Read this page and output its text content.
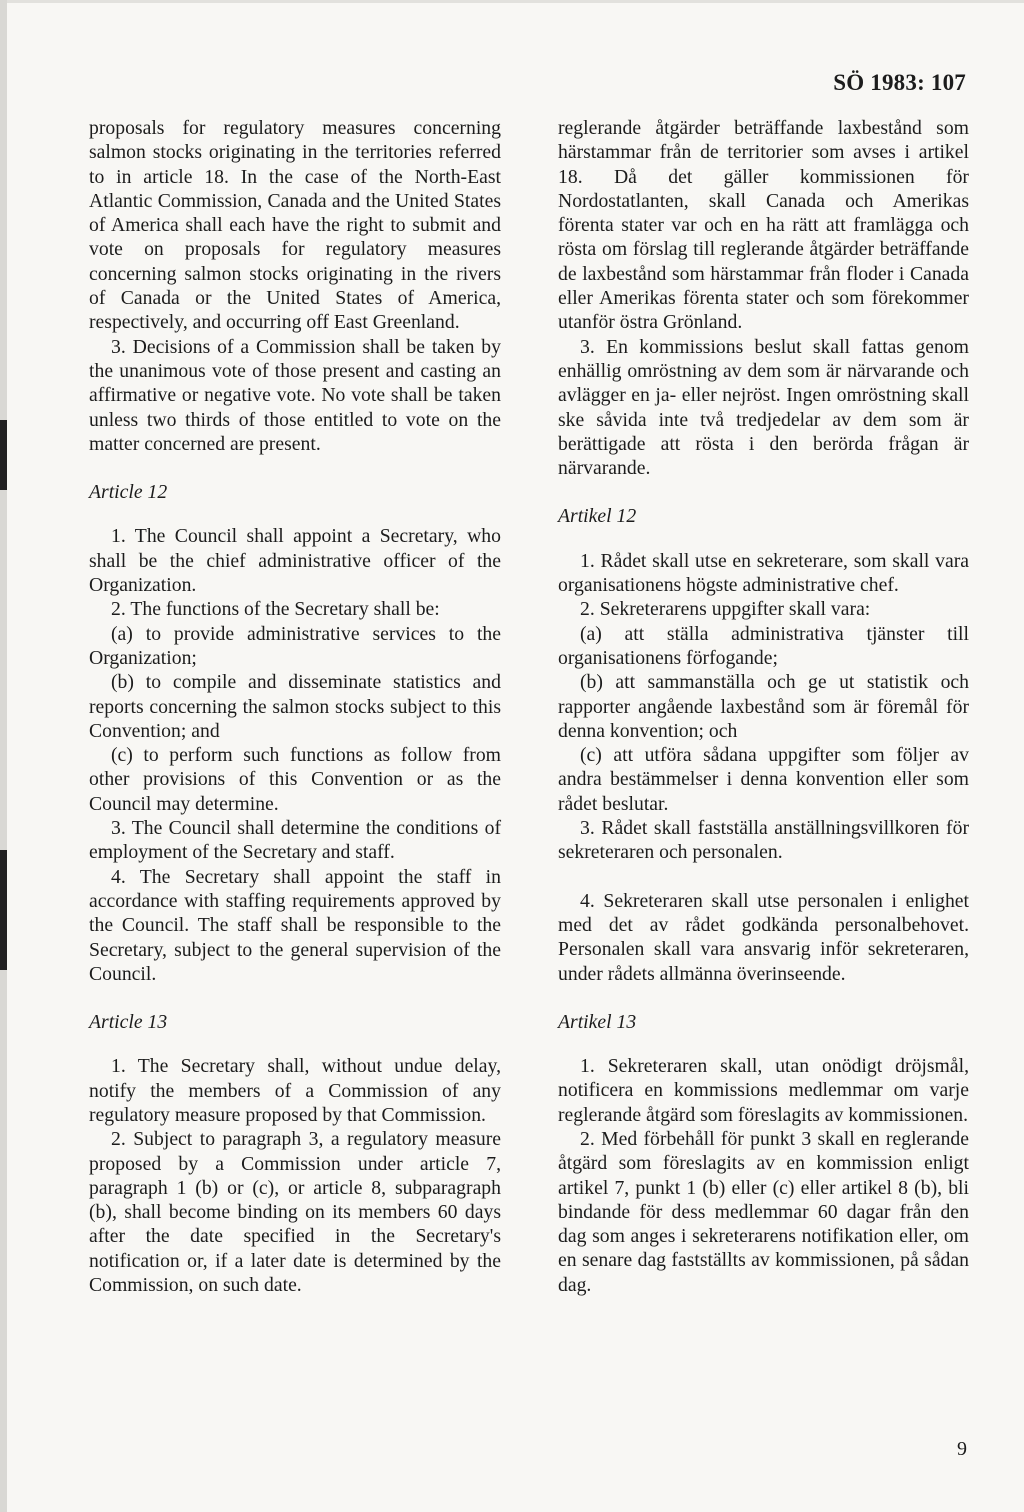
SÖ 1983: 107

proposals for regulatory measures concerning salmon stocks originating in the territories referred to in article 18. In the case of the North-East Atlantic Commission, Canada and the United States of America shall each have the right to submit and vote on proposals for regulatory measures concerning salmon stocks originating in the rivers of Canada or the United States of America, respectively, and occurring off East Greenland.

3. Decisions of a Commission shall be taken by the unanimous vote of those present and casting an affirmative or negative vote. No vote shall be taken unless two thirds of those entitled to vote on the matter concerned are present.

Article 12

1. The Council shall appoint a Secretary, who shall be the chief administrative officer of the Organization.

2. The functions of the Secretary shall be:

(a) to provide administrative services to the Organization;

(b) to compile and disseminate statistics and reports concerning the salmon stocks subject to this Convention; and

(c) to perform such functions as follow from other provisions of this Convention or as the Council may determine.

3. The Council shall determine the conditions of employment of the Secretary and staff.

4. The Secretary shall appoint the staff in accordance with staffing requirements approved by the Council. The staff shall be responsible to the Secretary, subject to the general supervision of the Council.

Article 13

1. The Secretary shall, without undue delay, notify the members of a Commission of any regulatory measure proposed by that Commission.

2. Subject to paragraph 3, a regulatory measure proposed by a Commission under article 7, paragraph 1 (b) or (c), or article 8, subparagraph (b), shall become binding on its members 60 days after the date specified in the Secretary's notification or, if a later date is determined by the Commission, on such date.

reglerande åtgärder beträffande laxbestånd som härstammar från de territorier som avses i artikel 18. Då det gäller kommissionen för Nordostatlanten, skall Canada och Amerikas förenta stater var och en ha rätt att framlägga och rösta om förslag till reglerande åtgärder beträffande de laxbestånd som härstammar från floder i Canada eller Amerikas förenta stater och som förekommer utanför östra Grönland.

3. En kommissions beslut skall fattas genom enhällig omröstning av dem som är närvarande och avlägger en ja- eller nejröst. Ingen omröstning skall ske såvida inte två tredjedelar av dem som är berättigade att rösta i den berörda frågan är närvarande.

Artikel 12

1. Rådet skall utse en sekreterare, som skall vara organisationens högste administrative chef.

2. Sekreterarens uppgifter skall vara:

(a) att ställa administrativa tjänster till organisationens förfogande;

(b) att sammanställa och ge ut statistik och rapporter angående laxbestånd som är föremål för denna konvention; och

(c) att utföra sådana uppgifter som följer av andra bestämmelser i denna konvention eller som rådet beslutar.

3. Rådet skall fastställa anställningsvillkoren för sekreteraren och personalen.

4. Sekreteraren skall utse personalen i enlighet med det av rådet godkända personalbehovet. Personalen skall vara ansvarig inför sekreteraren, under rådets allmänna överinseende.

Artikel 13

1. Sekreteraren skall, utan onödigt dröjsmål, notificera en kommissions medlemmar om varje reglerande åtgärd som föreslagits av kommissionen.

2. Med förbehåll för punkt 3 skall en reglerande åtgärd som föreslagits av en kommission enligt artikel 7, punkt 1 (b) eller (c) eller artikel 8 (b), bli bindande för dess medlemmar 60 dagar från den dag som anges i sekreterarens notifikation eller, om en senare dag fastställts av kommissionen, på sådan dag.

9
